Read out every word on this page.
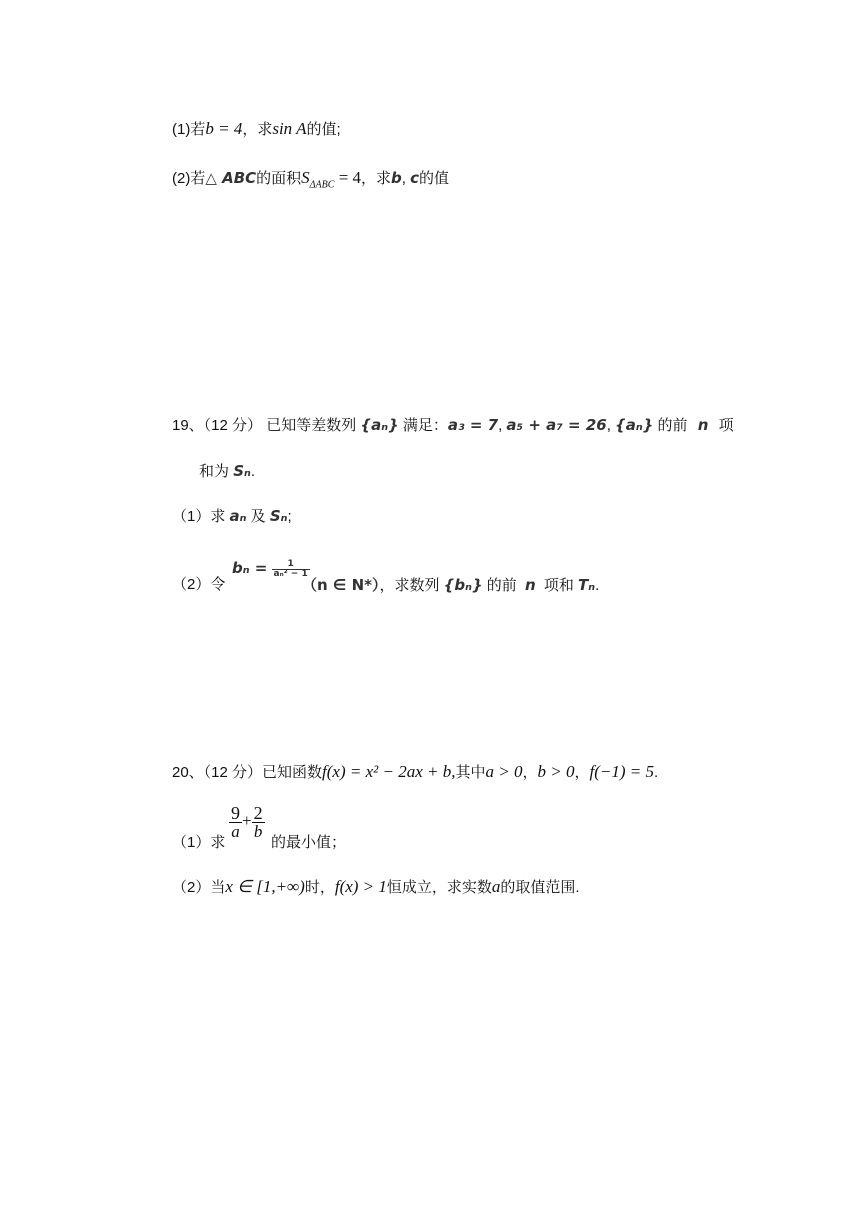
(1)若b = 4，求sin A的值;
(2)若△ ABC的面积$S_{\Delta ABC} = 4$，求b, c的值
19、（12 分） 已知等差数列 {aₙ} 满足：a₃ = 7, a₅ + a₇ = 26, {aₙ} 的前 n 项
和为 Sₙ.
（1）求 aₙ 及 Sₙ;
（2）令
$b_n = \frac{1}{\text{aₙ² − 1}}$
（n ∈ N*），求数列 {bₙ} 的前 n 项和 Tₙ.
20、（12 分）已知函数f(x) = x² − 2ax + b,其中a > 0，b > 0，f(−1) = 5.
（1）求
$\frac{9}{a} + \frac{2}{b}$
的最小值；
（2）当x ∈ [1,+∞)时，f(x) > 1恒成立，求实数a的取值范围.
